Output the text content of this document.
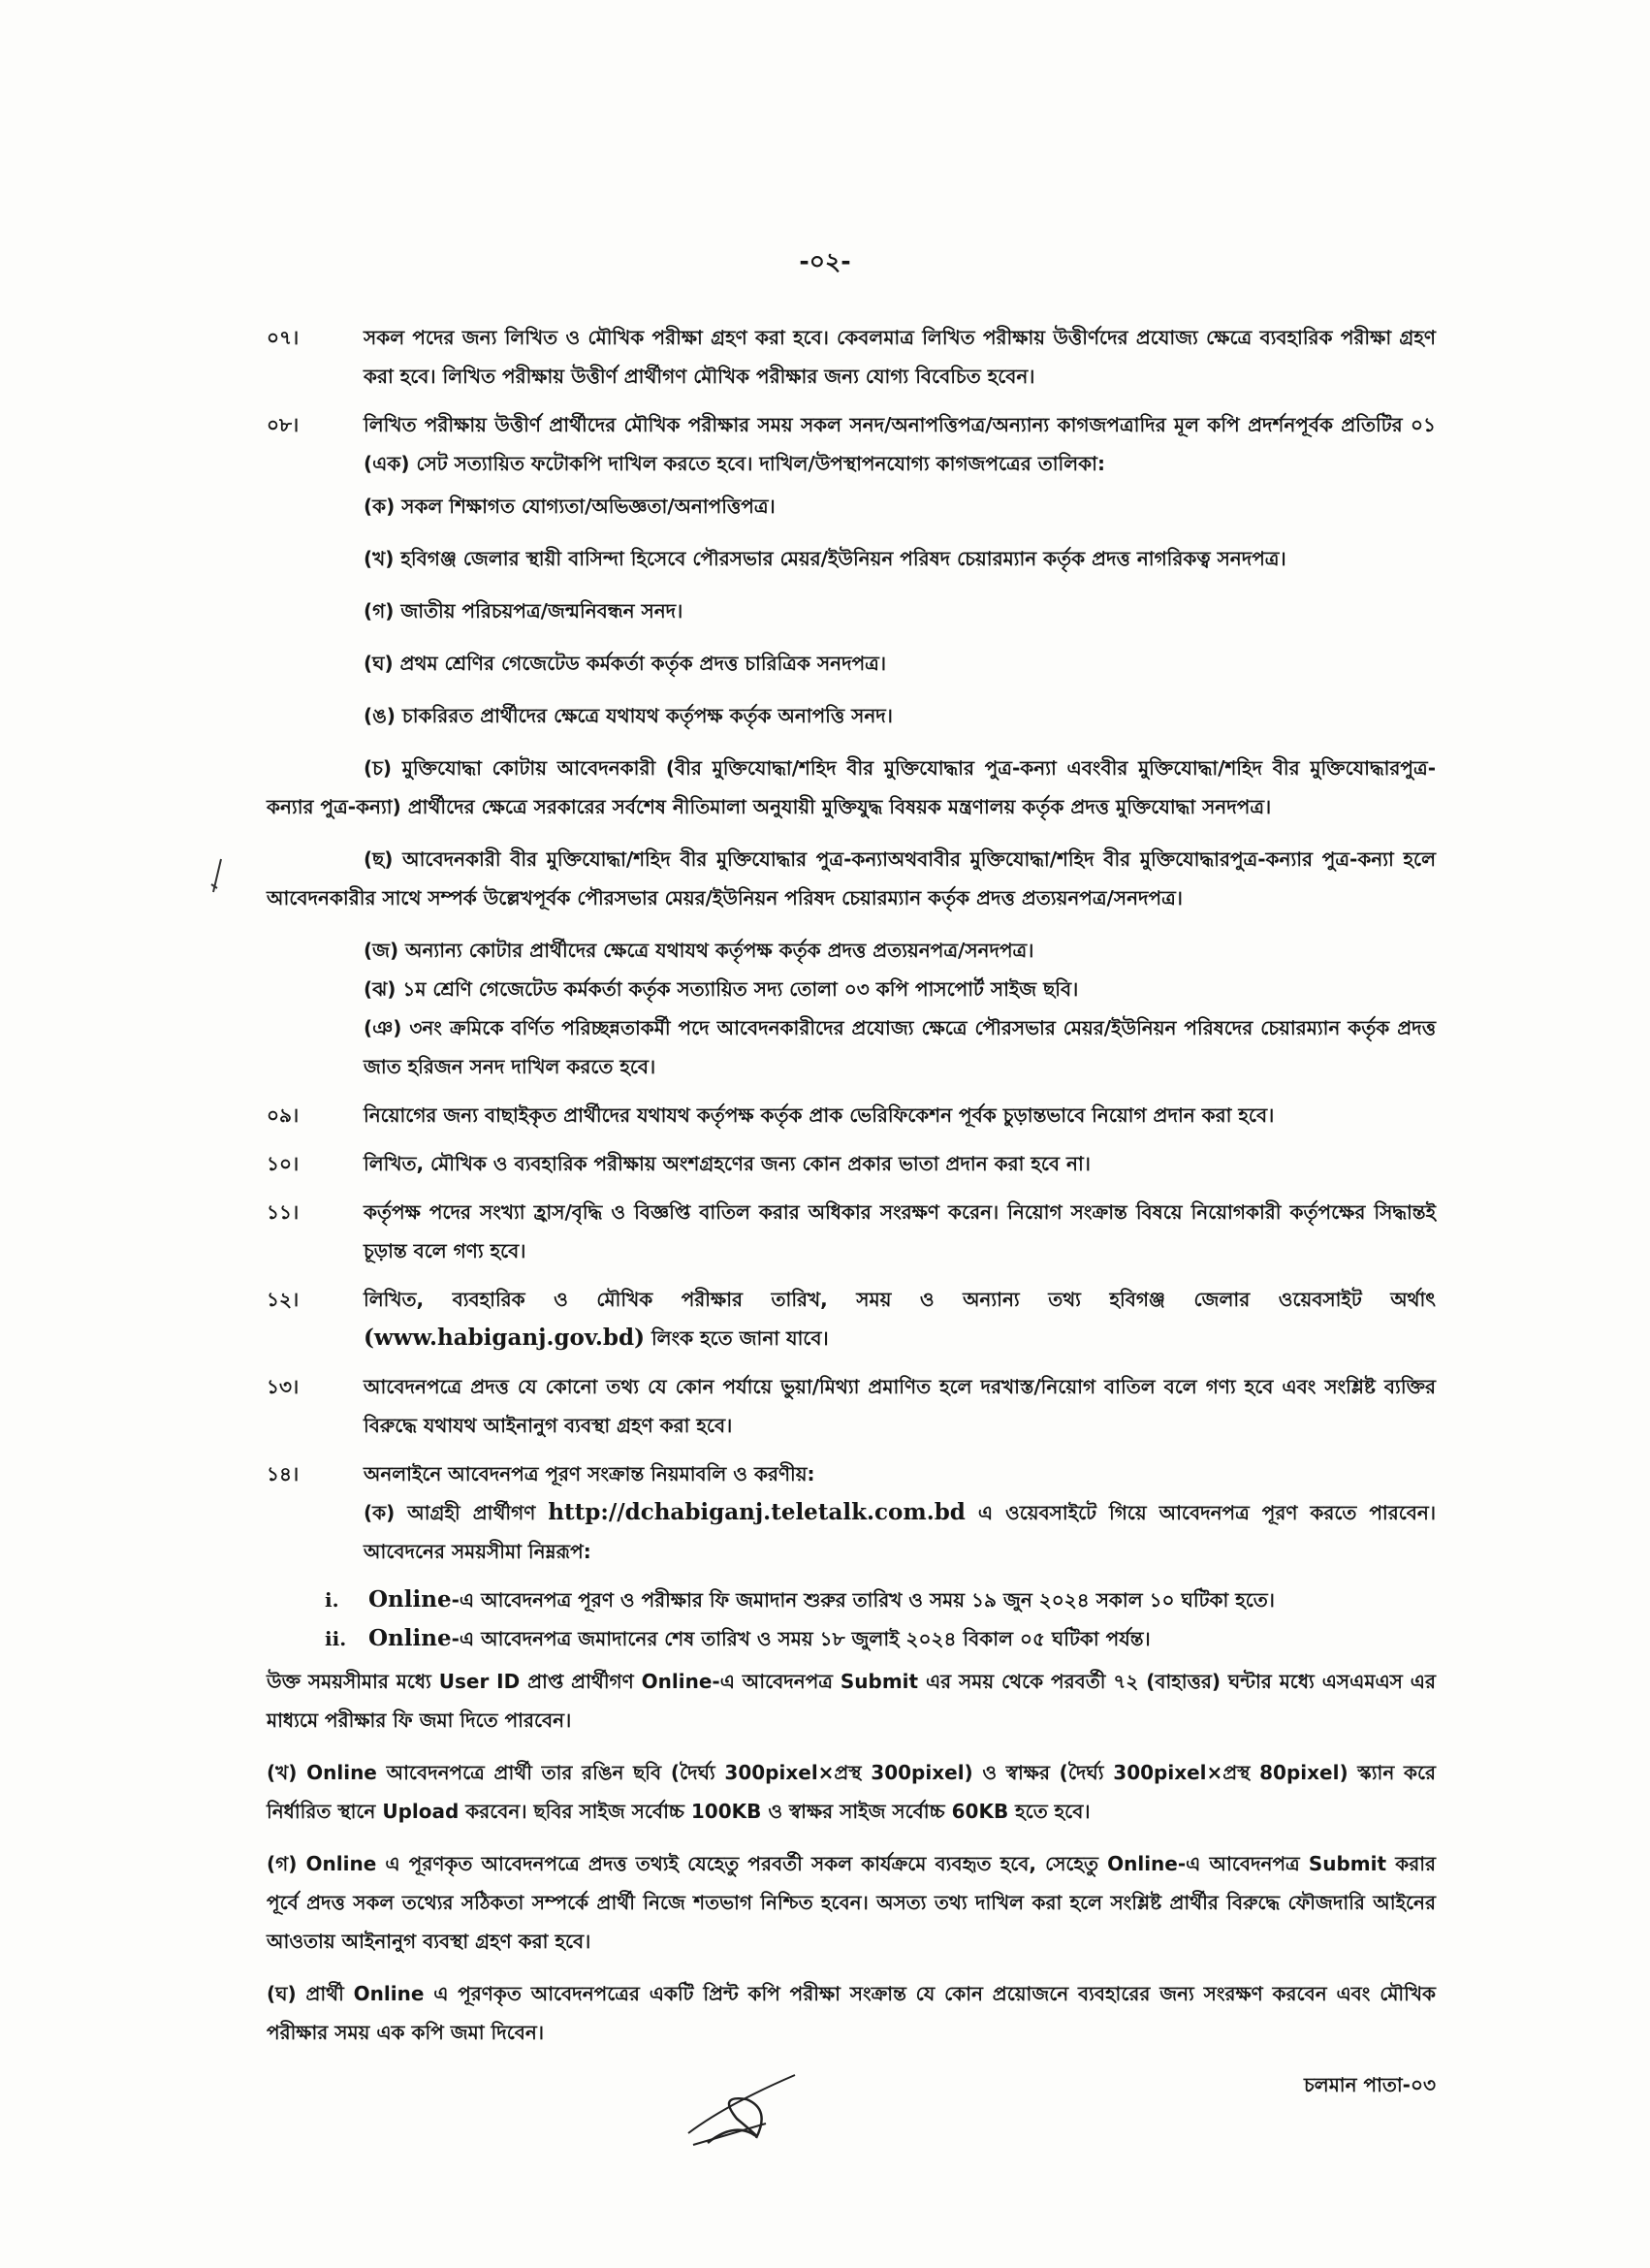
-০২-
০৭।	সকল পদের জন্য লিখিত ও মৌখিক পরীক্ষা গ্রহণ করা হবে। কেবলমাত্র লিখিত পরীক্ষায় উত্তীর্ণদের প্রযোজ্য ক্ষেত্রে ব্যবহারিক পরীক্ষা গ্রহণ করা হবে। লিখিত পরীক্ষায় উত্তীর্ণ প্রার্থীগণ মৌখিক পরীক্ষার জন্য যোগ্য বিবেচিত হবেন।
০৮।	লিখিত পরীক্ষায় উত্তীর্ণ প্রার্থীদের মৌখিক পরীক্ষার সময় সকল সনদ/অনাপত্তিপত্র/অন্যান্য কাগজপত্রাদির মূল কপি প্রদর্শনপূর্বক প্রতিটির ০১ (এক) সেট সত্যায়িত ফটোকপি দাখিল করতে হবে। দাখিল/উপস্থাপনযোগ্য কাগজপত্রের তালিকা:
(ক) সকল শিক্ষাগত যোগ্যতা/অভিজ্ঞতা/অনাপত্তিপত্র।
(খ) হবিগঞ্জ জেলার স্থায়ী বাসিন্দা হিসেবে পৌরসভার মেয়র/ইউনিয়ন পরিষদ চেয়ারম্যান কর্তৃক প্রদত্ত নাগরিকত্ব সনদপত্র।
(গ) জাতীয় পরিচয়পত্র/জন্মনিবন্ধন সনদ।
(ঘ) প্রথম শ্রেণির গেজেটেড কর্মকর্তা কর্তৃক প্রদত্ত চারিত্রিক সনদপত্র।
(ঙ) চাকরিরত প্রার্থীদের ক্ষেত্রে যথাযথ কর্তৃপক্ষ কর্তৃক অনাপত্তি সনদ।
(চ) মুক্তিযোদ্ধা কোটায় আবেদনকারী (বীর মুক্তিযোদ্ধা/শহিদ বীর মুক্তিযোদ্ধার পুত্র-কন্যা এবংবীর মুক্তিযোদ্ধা/শহিদ বীর মুক্তিযোদ্ধারপুত্র-কন্যার পুত্র-কন্যা) প্রার্থীদের ক্ষেত্রে সরকারের সর্বশেষ নীতিমালা অনুযায়ী মুক্তিযুদ্ধ বিষয়ক মন্ত্রণালয় কর্তৃক প্রদত্ত মুক্তিযোদ্ধা সনদপত্র।
(ছ) আবেদনকারী বীর মুক্তিযোদ্ধা/শহিদ বীর মুক্তিযোদ্ধার পুত্র-কন্যাঅথবাবীর মুক্তিযোদ্ধা/শহিদ বীর মুক্তিযোদ্ধারপুত্র-কন্যার পুত্র-কন্যা হলে আবেদনকারীর সাথে সম্পর্ক উল্লেখপূর্বক পৌরসভার মেয়র/ইউনিয়ন পরিষদ চেয়ারম্যান কর্তৃক প্রদত্ত প্রত্যয়নপত্র/সনদপত্র।
(জ) অন্যান্য কোটার প্রার্থীদের ক্ষেত্রে যথাযথ কর্তৃপক্ষ কর্তৃক প্রদত্ত প্রত্যয়নপত্র/সনদপত্র।
(ঝ) ১ম শ্রেণি গেজেটেড কর্মকর্তা কর্তৃক সত্যায়িত সদ্য তোলা ০৩ কপি পাসপোর্ট সাইজ ছবি।
(ঞ) ৩নং ক্রমিকে বর্ণিত পরিচ্ছন্নতাকর্মী পদে আবেদনকারীদের প্রযোজ্য ক্ষেত্রে পৌরসভার মেয়র/ইউনিয়ন পরিষদের চেয়ারম্যান কর্তৃক প্রদত্ত জাত হরিজন সনদ দাখিল করতে হবে।
০৯।	নিয়োগের জন্য বাছাইকৃত প্রার্থীদের যথাযথ কর্তৃপক্ষ কর্তৃক প্রাক ভেরিফিকেশন পূর্বক চুড়ান্তভাবে নিয়োগ প্রদান করা হবে।
১০।	লিখিত, মৌখিক ও ব্যবহারিক পরীক্ষায় অংশগ্রহণের জন্য কোন প্রকার ভাতা প্রদান করা হবে না।
১১।	কর্তৃপক্ষ পদের সংখ্যা হ্রাস/বৃদ্ধি ও বিজ্ঞপ্তি বাতিল করার অধিকার সংরক্ষণ করেন। নিয়োগ সংক্রান্ত বিষয়ে নিয়োগকারী কর্তৃপক্ষের সিদ্ধান্তই চূড়ান্ত বলে গণ্য হবে।
১২।	লিখিত, ব্যবহারিক ও মৌখিক পরীক্ষার তারিখ, সময় ও অন্যান্য তথ্য হবিগঞ্জ জেলার ওয়েবসাইট অর্থাৎ (www.habiganj.gov.bd) লিংক হতে জানা যাবে।
১৩।	আবেদনপত্রে প্রদত্ত যে কোনো তথ্য যে কোন পর্যায়ে ভুয়া/মিথ্যা প্রমাণিত হলে দরখাস্ত/নিয়োগ বাতিল বলে গণ্য হবে এবং সংশ্লিষ্ট ব্যক্তির বিরুদ্ধে যথাযথ আইনানুগ ব্যবস্থা গ্রহণ করা হবে।
১৪।	অনলাইনে আবেদনপত্র পূরণ সংক্রান্ত নিয়মাবলি ও করণীয়:
(ক) আগ্রহী প্রার্থীগণ http://dchabiganj.teletalk.com.bd এ ওয়েবসাইটে গিয়ে আবেদনপত্র পূরণ করতে পারবেন। আবেদনের সময়সীমা নিম্নরূপ:
i. Online-এ আবেদনপত্র পূরণ ও পরীক্ষার ফি জমাদান শুরুর তারিখ ও সময় ১৯ জুন ২০২৪ সকাল ১০ ঘটিকা হতে।
ii. Online-এ আবেদনপত্র জমাদানের শেষ তারিখ ও সময় ১৮ জুলাই ২০২৪ বিকাল ০৫ ঘটিকা পর্যন্ত।
উক্ত সময়সীমার মধ্যে User ID প্রাপ্ত প্রার্থীগণ Online-এ আবেদনপত্র Submit এর সময় থেকে পরবর্তী ৭২ (বাহাত্তর) ঘন্টার মধ্যে এসএমএস এর মাধ্যমে পরীক্ষার ফি জমা দিতে পারবেন।
(খ) Online আবেদনপত্রে প্রার্থী তার রঙিন ছবি (দৈর্ঘ্য 300pixel×প্রস্থ 300pixel) ও স্বাক্ষর (দৈর্ঘ্য 300pixel×প্রস্থ 80pixel) স্ক্যান করে নির্ধারিত স্থানে Upload করবেন। ছবির সাইজ সর্বোচ্চ 100KB ও স্বাক্ষর সাইজ সর্বোচ্চ 60KB হতে হবে।
(গ) Online এ পূরণকৃত আবেদনপত্রে প্রদত্ত তথ্যই যেহেতু পরবর্তী সকল কার্যক্রমে ব্যবহৃত হবে, সেহেতু Online-এ আবেদনপত্র Submit করার পূর্বে প্রদত্ত সকল তথ্যের সঠিকতা সম্পর্কে প্রার্থী নিজে শতভাগ নিশ্চিত হবেন। অসত্য তথ্য দাখিল করা হলে সংশ্লিষ্ট প্রার্থীর বিরুদ্ধে ফৌজদারি আইনের আওতায় আইনানুগ ব্যবস্থা গ্রহণ করা হবে।
(ঘ) প্রার্থী Online এ পূরণকৃত আবেদনপত্রের একটি প্রিন্ট কপি পরীক্ষা সংক্রান্ত যে কোন প্রয়োজনে ব্যবহারের জন্য সংরক্ষণ করবেন এবং মৌখিক পরীক্ষার সময় এক কপি জমা দিবেন।
চলমান পাতা-০৩
